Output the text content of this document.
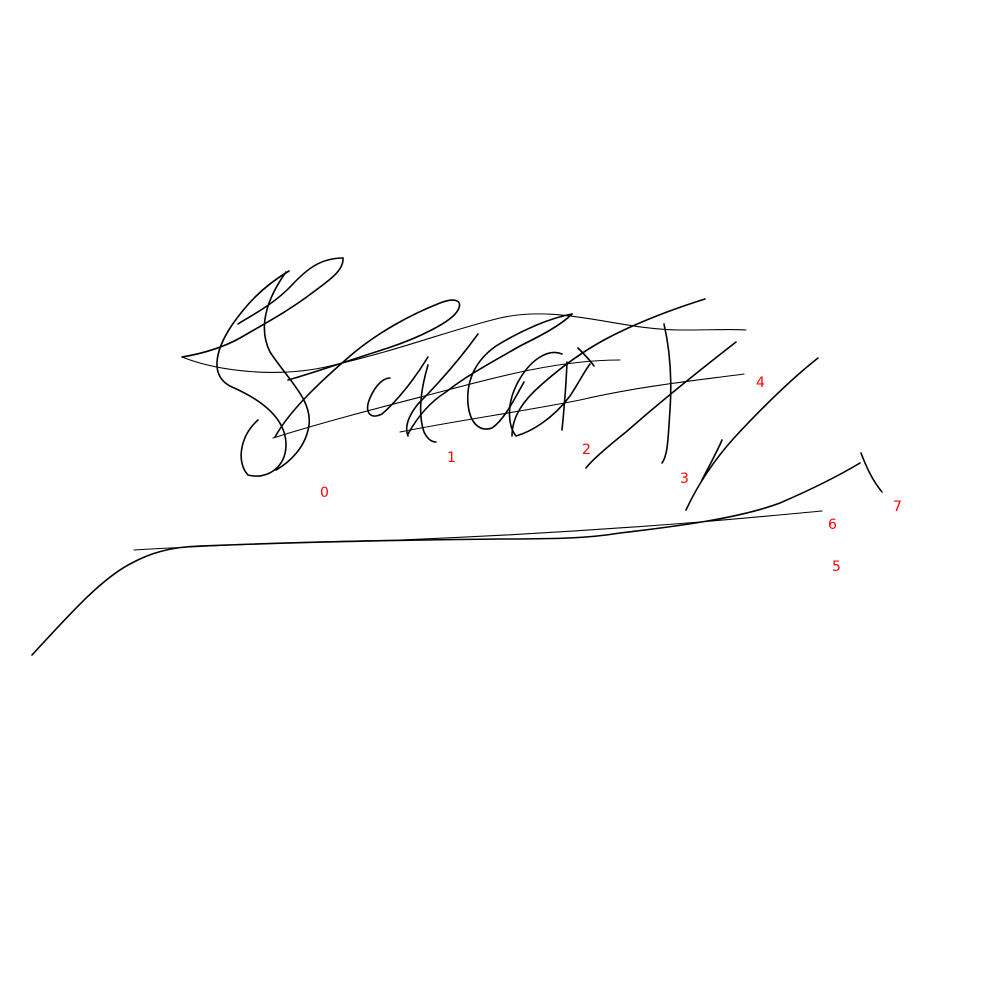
0
1	2
3
4
5
6
7
